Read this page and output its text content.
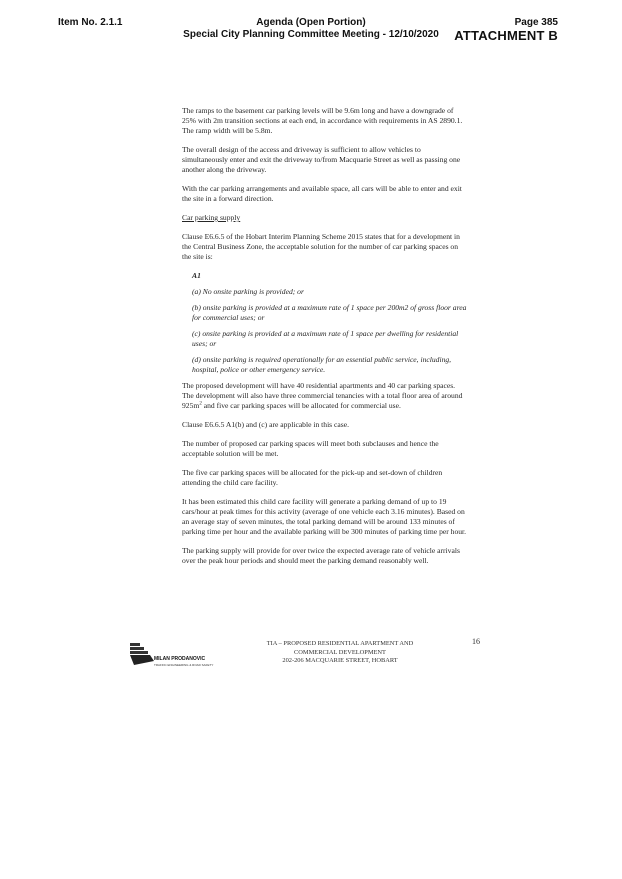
Item No. 2.1.1	Agenda (Open Portion)
Special City Planning Committee Meeting - 12/10/2020
Page 385
ATTACHMENT B

The ramps to the basement car parking levels will be 9.6m long and have a downgrade of 25% with 2m transition sections at each end, in accordance with requirements in AS 2890.1. The ramp width will be 5.8m.

The overall design of the access and driveway is sufficient to allow vehicles to simultaneously enter and exit the driveway to/from Macquarie Street as well as passing one another along the driveway.

With the car parking arrangements and available space, all cars will be able to enter and exit the site in a forward direction.

Car parking supply

Clause E6.6.5 of the Hobart Interim Planning Scheme 2015 states that for a development in the Central Business Zone, the acceptable solution for the number of car parking spaces on the site is:

A1

(a) No onsite parking is provided; or

(b) onsite parking is provided at a maximum rate of 1 space per 200m2 of gross floor area for commercial uses; or

(c) onsite parking is provided at a maximum rate of 1 space per dwelling for residential uses; or

(d) onsite parking is required operationally for an essential public service, including, hospital, police or other emergency service.

The proposed development will have 40 residential apartments and 40 car parking spaces. The development will also have three commercial tenancies with a total floor area of around $925m^2$ and five car parking spaces will be allocated for commercial use.

Clause E6.6.5 A1(b) and (c) are applicable in this case.

The number of proposed car parking spaces will meet both subclauses and hence the acceptable solution will be met.

The five car parking spaces will be allocated for the pick-up and set-down of children attending the child care facility.

It has been estimated this child care facility will generate a parking demand of up to 19 cars/hour at peak times for this activity (average of one vehicle each 3.16 minutes). Based on an average stay of seven minutes, the total parking demand will be around 133 minutes of parking time per hour and the available parking will be 300 minutes of parking time per hour.

The parking supply will provide for over twice the expected average rate of vehicle arrivals over the peak hour periods and should meet the parking demand reasonably well.

MILAN PRODANOVIC
TRAFFIC ENGINEERING & ROAD SAFETY
TIA – PROPOSED RESIDENTIAL APARTMENT AND
COMMERCIAL DEVELOPMENT
202-206 MACQUARIE STREET, HOBART
16
